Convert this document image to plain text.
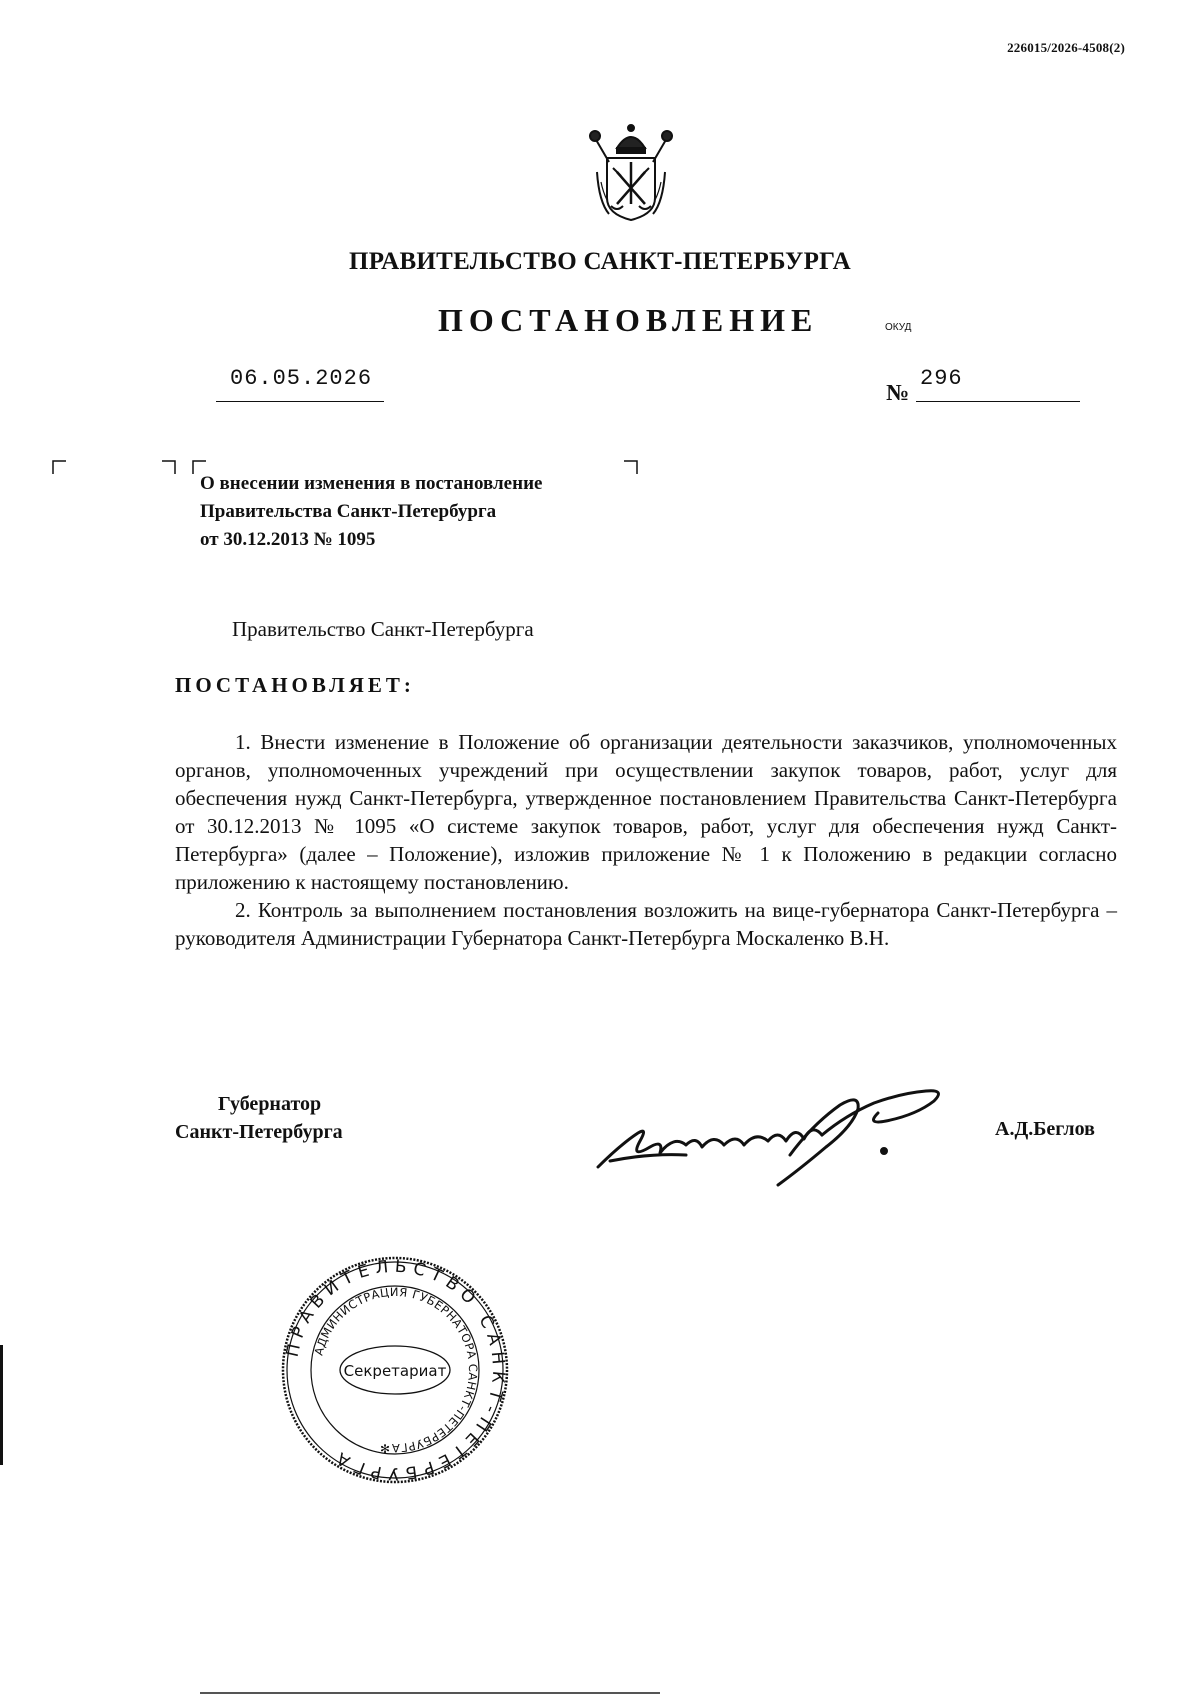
226015/2026-4508(2)
ПРАВИТЕЛЬСТВО САНКТ-ПЕТЕРБУРГА
ПОСТАНОВЛЕНИЕ	ОКУД
06.05.2026
№
296
О внесении изменения в постановление
Правительства Санкт-Петербурга
от 30.12.2013 № 1095
Правительство Санкт-Петербурга
ПОСТАНОВЛЯЕТ:

1. Внести изменение в Положение об организации деятельности заказчиков, уполномоченных органов, уполномоченных учреждений при осуществлении закупок товаров, работ, услуг для обеспечения нужд Санкт-Петербурга, утвержденное постановлением Правительства Санкт-Петербурга от 30.12.2013 № 1095 «О системе закупок товаров, работ, услуг для обеспечения нужд Санкт-Петербурга» (далее – Положение), изложив приложение № 1 к Положению в редакции согласно приложению к настоящему постановлению.

2. Контроль за выполнением постановления возложить на вице-губернатора Санкт-Петербурга – руководителя Администрации Губернатора Санкт-Петербурга Москаленко В.Н.

Губернатор
Санкт-Петербурга	А.Д.Беглов
ПРАВИТЕЛЬСТВО САНКТ-ПЕТЕРБУРГА
АДМИНИСТРАЦИЯ ГУБЕРНАТОРА САНКТ-ПЕТЕРБУРГА
Секретариат
✻
